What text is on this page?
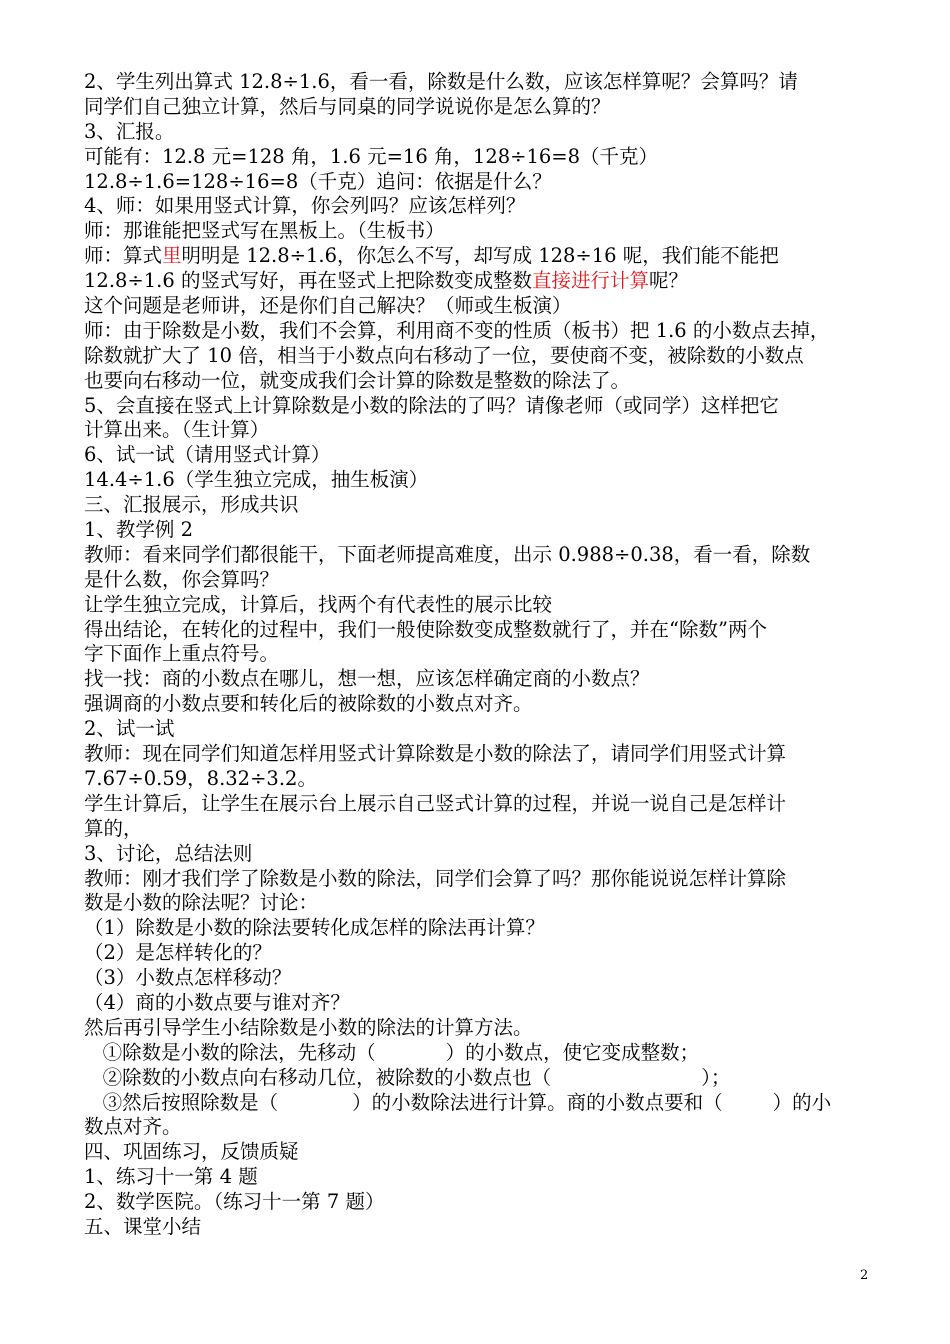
2、学生列出算式 12.8÷1.6，看一看，除数是什么数，应该怎样算呢？会算吗？请
同学们自己独立计算，然后与同桌的同学说说你是怎么算的？
3、汇报。
可能有：12.8 元=128 角，1.6 元=16 角，128÷16=8（千克）
12.8÷1.6=128÷16=8（千克）追问：依据是什么？
4、师：如果用竖式计算，你会列吗？应该怎样列？
师：那谁能把竖式写在黑板上。（生板书）
师：算式里明明是 12.8÷1.6，你怎么不写，却写成 128÷16 呢，我们能不能把
12.8÷1.6 的竖式写好，再在竖式上把除数变成整数直接进行计算呢？
这个问题是老师讲，还是你们自己解决？（师或生板演）
师：由于除数是小数，我们不会算，利用商不变的性质（板书）把 1.6 的小数点去掉，
除数就扩大了 10 倍，相当于小数点向右移动了一位，要使商不变，被除数的小数点
也要向右移动一位，就变成我们会计算的除数是整数的除法了。
5、会直接在竖式上计算除数是小数的除法的了吗？请像老师（或同学）这样把它
计算出来。（生计算）
6、试一试（请用竖式计算）
14.4÷1.6（学生独立完成，抽生板演）
三、汇报展示，形成共识
1、教学例 2
教师：看来同学们都很能干，下面老师提高难度，出示 0.988÷0.38，看一看，除数
是什么数，你会算吗？
让学生独立完成，计算后，找两个有代表性的展示比较
得出结论，在转化的过程中，我们一般使除数变成整数就行了，并在“除数”两个
字下面作上重点符号。
找一找：商的小数点在哪儿，想一想，应该怎样确定商的小数点？
强调商的小数点要和转化后的被除数的小数点对齐。
2、试一试
教师：现在同学们知道怎样用竖式计算除数是小数的除法了，请同学们用竖式计算
7.67÷0.59，8.32÷3.2。
学生计算后，让学生在展示台上展示自己竖式计算的过程，并说一说自己是怎样计
算的，
3、讨论，总结法则
教师：刚才我们学了除数是小数的除法，同学们会算了吗？那你能说说怎样计算除
数是小数的除法呢？讨论：
（1）除数是小数的除法要转化成怎样的除法再计算？
（2）是怎样转化的？
（3）小数点怎样移动？
（4）商的小数点要与谁对齐？
然后再引导学生小结除数是小数的除法的计算方法。
①除数是小数的除法，先移动（	）的小数点，使它变成整数；
②除数的小数点向右移动几位，被除数的小数点也（	）；
③然后按照除数是（	）的小数除法进行计算。商的小数点要和（	）的小
数点对齐。
四、巩固练习，反馈质疑
1、练习十一第 4 题
2、数学医院。（练习十一第 7 题）
五、课堂小结
2
